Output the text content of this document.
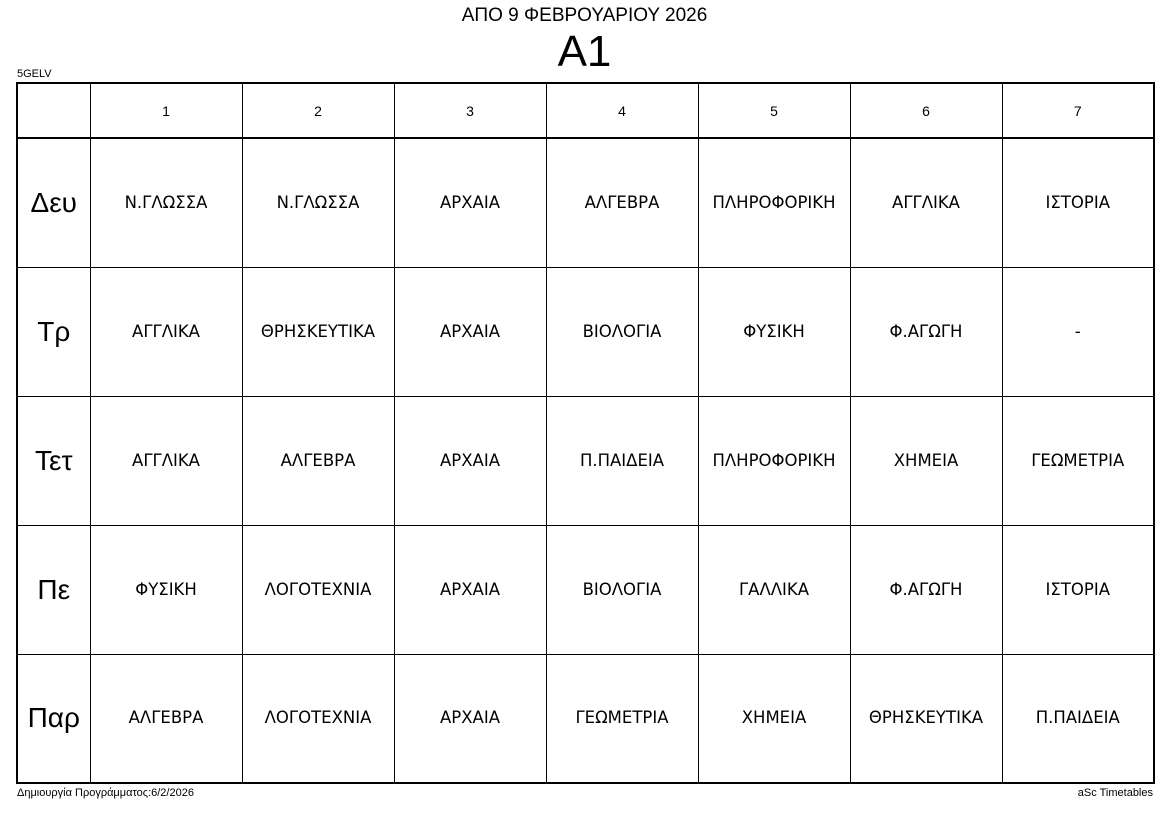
ΑΠΟ 9 ΦΕΒΡΟΥΑΡΙΟΥ 2026
A1
5GELV
	1	2	3	4	5	6	7
Δευ	Ν.ΓΛΩΣΣΑ	Ν.ΓΛΩΣΣΑ	ΑΡΧΑΙΑ	ΑΛΓΕΒΡΑ	ΠΛΗΡΟΦΟΡΙΚΗ	ΑΓΓΛΙΚΑ	ΙΣΤΟΡΙΑ
Τρ	ΑΓΓΛΙΚΑ	ΘΡΗΣΚΕΥΤΙΚΑ	ΑΡΧΑΙΑ	ΒΙΟΛΟΓΙΑ	ΦΥΣΙΚΗ	Φ.ΑΓΩΓΗ	-
Τετ	ΑΓΓΛΙΚΑ	ΑΛΓΕΒΡΑ	ΑΡΧΑΙΑ	Π.ΠΑΙΔΕΙΑ	ΠΛΗΡΟΦΟΡΙΚΗ	ΧΗΜΕΙΑ	ΓΕΩΜΕΤΡΙΑ
Πε	ΦΥΣΙΚΗ	ΛΟΓΟΤΕΧΝΙΑ	ΑΡΧΑΙΑ	ΒΙΟΛΟΓΙΑ	ΓΑΛΛΙΚΑ	Φ.ΑΓΩΓΗ	ΙΣΤΟΡΙΑ
Παρ	ΑΛΓΕΒΡΑ	ΛΟΓΟΤΕΧΝΙΑ	ΑΡΧΑΙΑ	ΓΕΩΜΕΤΡΙΑ	ΧΗΜΕΙΑ	ΘΡΗΣΚΕΥΤΙΚΑ	Π.ΠΑΙΔΕΙΑ
Δημιουργία Προγράμματος:6/2/2026	aSc Timetables
